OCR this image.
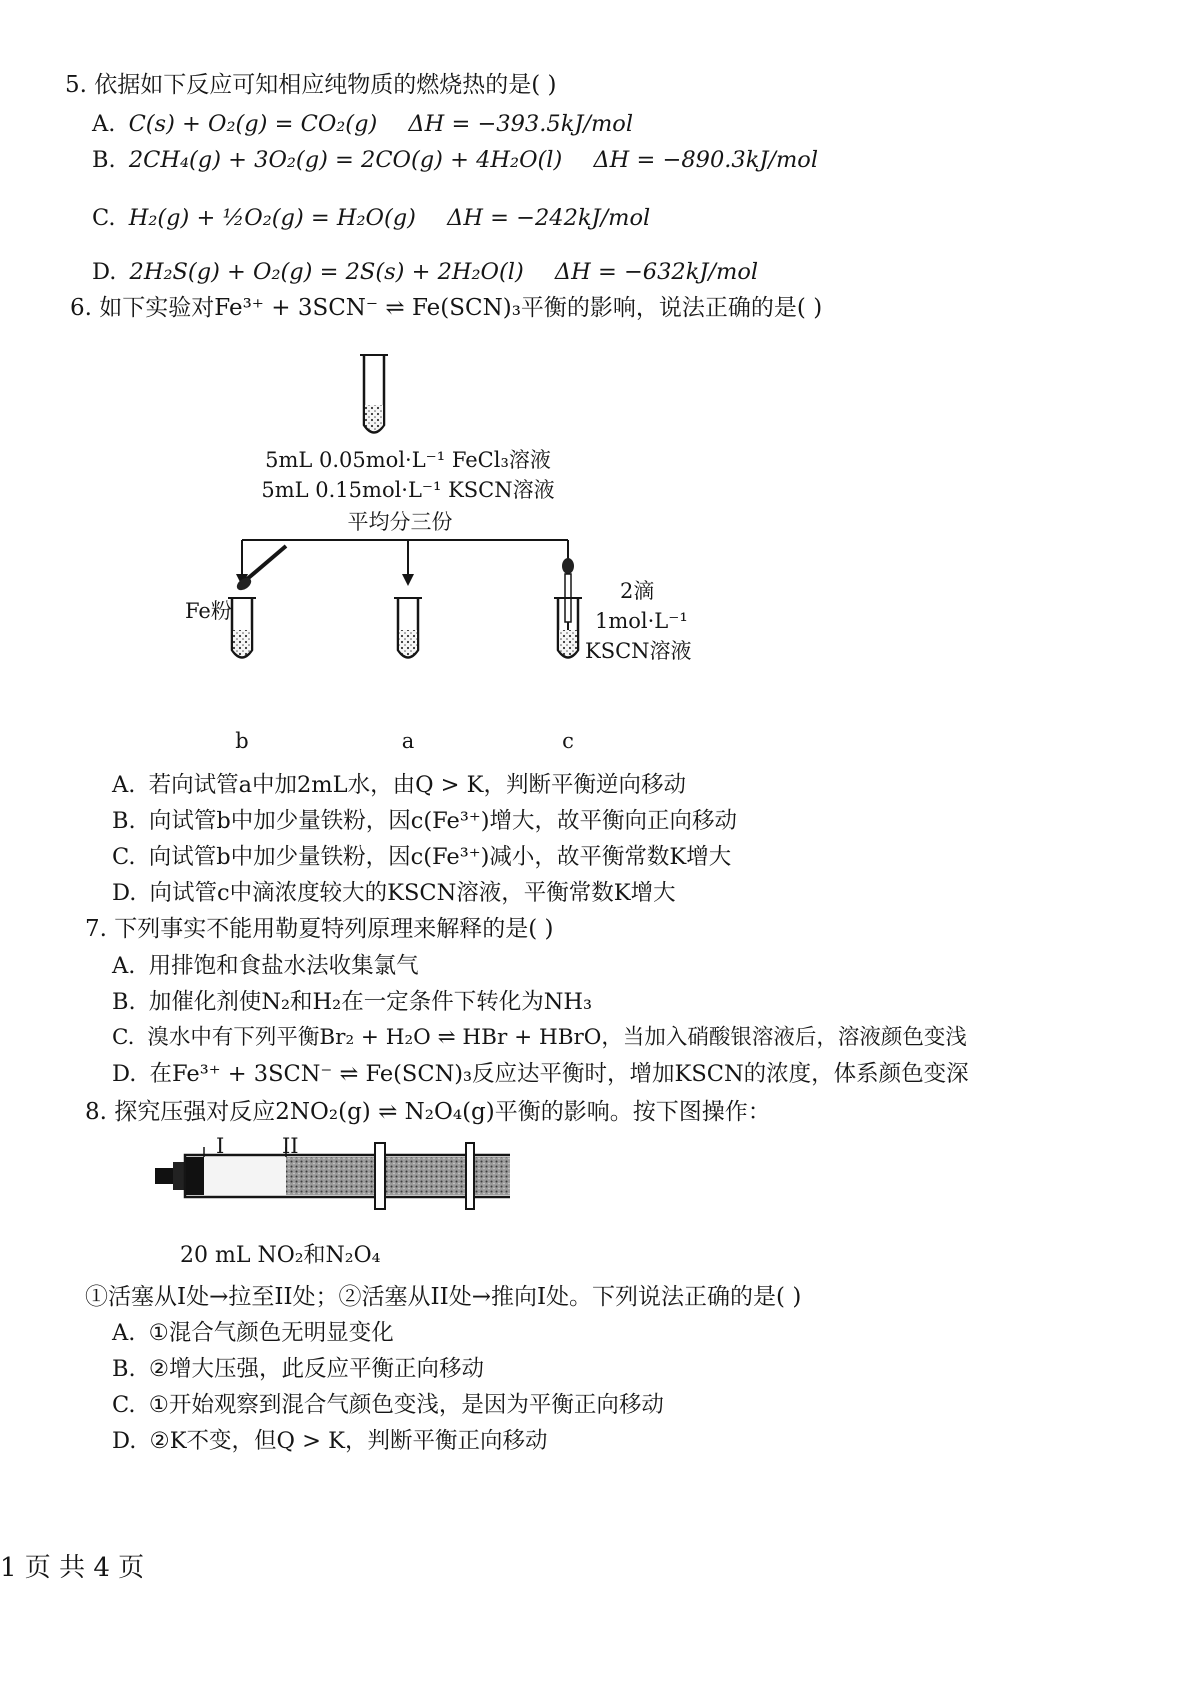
5. 依据如下反应可知相应纯物质的燃烧热的是( )
A. C(s) + O₂(g) = CO₂(g) ΔH = −393.5kJ/mol
B. 2CH₄(g) + 3O₂(g) = 2CO(g) + 4H₂O(l) ΔH = −890.3kJ/mol
C. H₂(g) + ½O₂(g) = H₂O(g) ΔH = −242kJ/mol
D. 2H₂S(g) + O₂(g) = 2S(s) + 2H₂O(l) ΔH = −632kJ/mol
6. 如下实验对Fe³⁺ + 3SCN⁻ ⇌ Fe(SCN)₃平衡的影响，说法正确的是( )
5mL 0.05mol·L⁻¹ FeCl₃溶液
5mL 0.15mol·L⁻¹ KSCN溶液
平均分三份
Fe粉
2滴
1mol·L⁻¹
KSCN溶液
b	a	c
A. 若向试管a中加2mL水，由Q > K，判断平衡逆向移动
B. 向试管b中加少量铁粉，因c(Fe³⁺)增大，故平衡向正向移动
C. 向试管b中加少量铁粉，因c(Fe³⁺)减小，故平衡常数K增大
D. 向试管c中滴浓度较大的KSCN溶液，平衡常数K增大
7. 下列事实不能用勒夏特列原理来解释的是( )
A. 用排饱和食盐水法收集氯气
B. 加催化剂使N₂和H₂在一定条件下转化为NH₃
C. 溴水中有下列平衡Br₂ + H₂O ⇌ HBr + HBrO，当加入硝酸银溶液后，溶液颜色变浅
D. 在Fe³⁺ + 3SCN⁻ ⇌ Fe(SCN)₃反应达平衡时，增加KSCN的浓度，体系颜色变深
8. 探究压强对反应2NO₂(g) ⇌ N₂O₄(g)平衡的影响。按下图操作：
I	II
20 mL NO₂和N₂O₄
①活塞从I处→拉至II处；②活塞从II处→推向I处。下列说法正确的是( )
A. ①混合气颜色无明显变化
B. ②增大压强，此反应平衡正向移动
C. ①开始观察到混合气颜色变浅，是因为平衡正向移动
D. ②K不变，但Q > K，判断平衡正向移动
1 页 共 4 页
